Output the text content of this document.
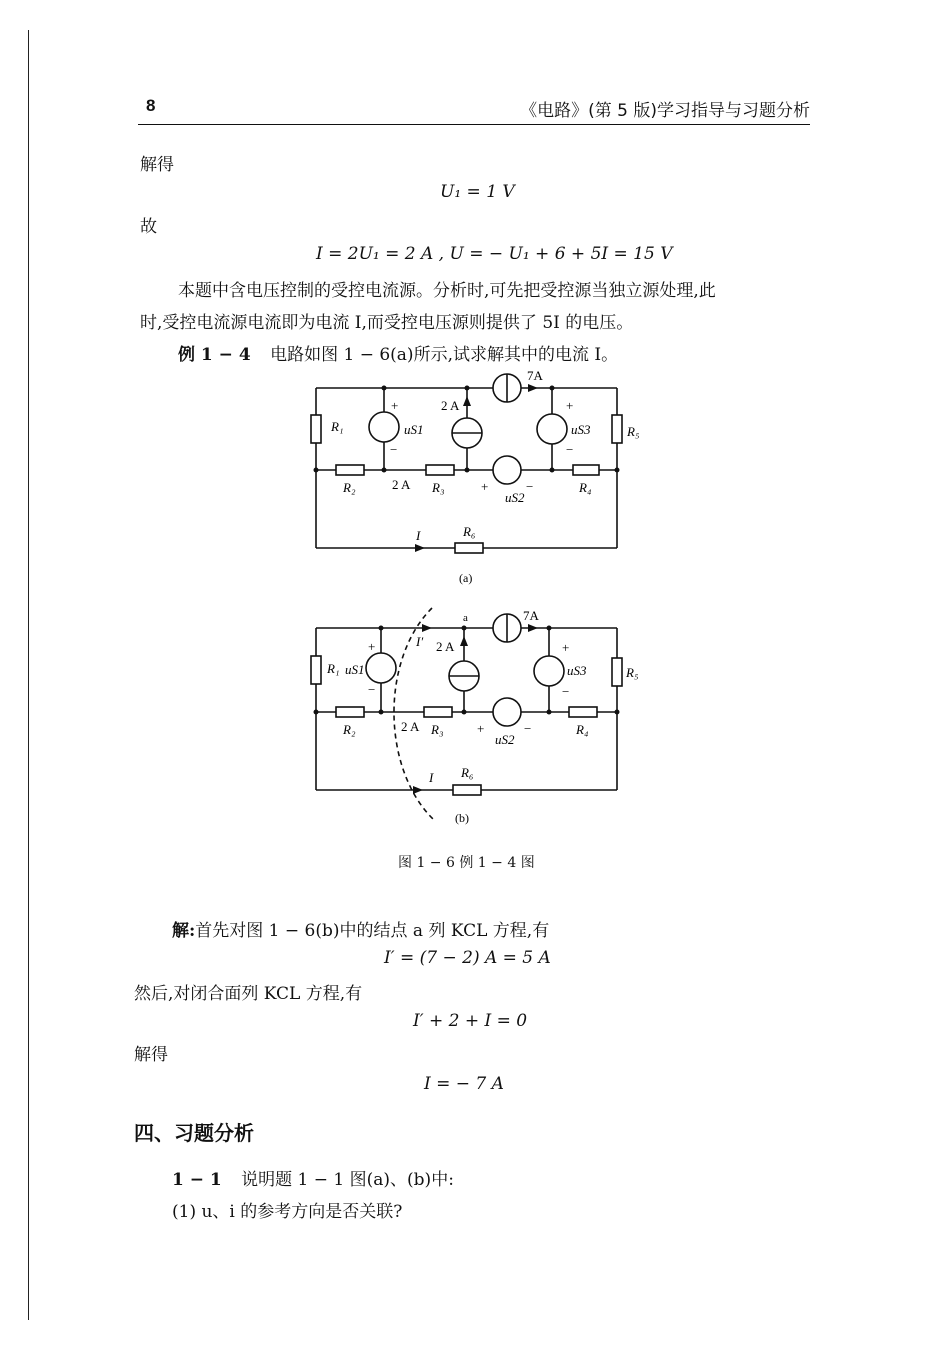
8	《电路》(第 5 版)学习指导与习题分析
解得
U₁ = 1 V
故
I = 2U₁ = 2 A , U = − U₁ + 6 + 5I = 15 V
本题中含电压控制的受控电流源。分析时,可先把受控源当独立源处理,此
时,受控电流源电流即为电流 I,而受控电压源则提供了 5I 的电压。
例 1 − 4 电路如图 1 − 6(a)所示,试求解其中的电流 I。
R₁
R₂	R₃	R₄
R₅
R₆
uS1
uS2
uS3
7A
2 A
2 A
I
+
−
+
−
+	−
(a)
R₁
R₂	R₃	R₄
R₅
R₆
uS1
uS2
uS3
7A
2 A
2 A
a
I′
I
+
−
+
−
+	−
(b)
图 1 − 6 例 1 − 4 图
解:首先对图 1 − 6(b)中的结点 a 列 KCL 方程,有
I′ = (7 − 2) A = 5 A
然后,对闭合面列 KCL 方程,有
I′ + 2 + I = 0
解得
I = − 7 A
四、习题分析
1 − 1 说明题 1 − 1 图(a)、(b)中:
(1) u、i 的参考方向是否关联?
